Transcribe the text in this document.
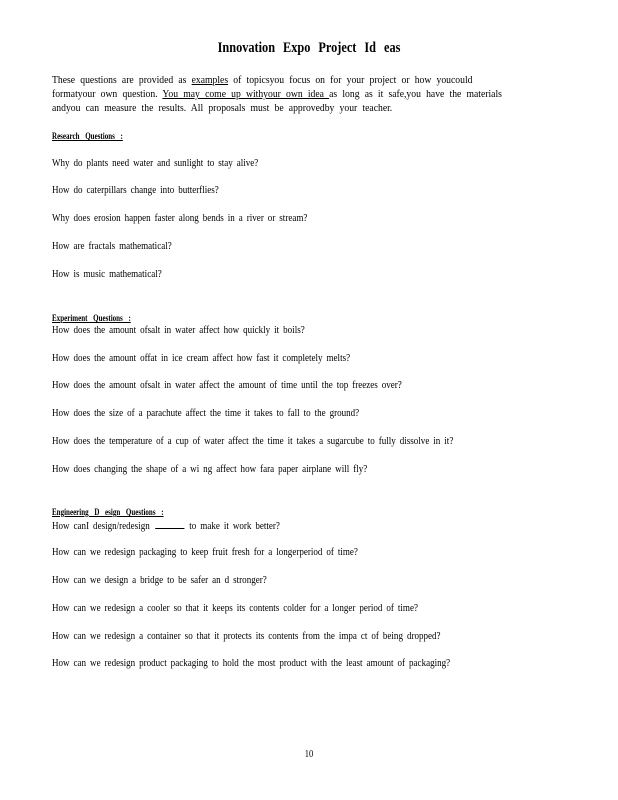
Innovation Expo Project Id eas
These questions are provided as examples of topicsyou focus on for your project or how youcould formatyour own question. You may come up withyour own idea as long as it safe,you have the materials andyou can measure the results. All proposals must be approvedby your teacher.
Research Questions :
Why do plants need water and sunlight to stay alive?
How do caterpillars change into butterflies?
Why does erosion happen faster along bends in a river or stream?
How are fractals mathematical?
How is music mathematical?
Experiment Questions :
How does the amount ofsalt in water affect how quickly it boils?
How does the amount offat in ice cream affect how fast it completely melts?
How does the amount ofsalt in water affect the amount of time until the top freezes over?
How does the size of a parachute affect the time it takes to fall to the ground?
How does the temperature of a cup of water affect the time it takes a sugarcube to fully dissolve in it?
How does changing the shape of a wi ng affect how fara paper airplane will fly?
Engineering D esign Questions :
How canI design/redesign	to make it work better?
How can we redesign packaging to keep fruit fresh for a longerperiod of time?
How can we design a bridge to be safer an d stronger?
How can we redesign a cooler so that it keeps its contents colder for a longer period of time?
How can we redesign a container so that it protects its contents from the impa ct of being dropped?
How can we redesign product packaging to hold the most product with the least amount of packaging?
10
